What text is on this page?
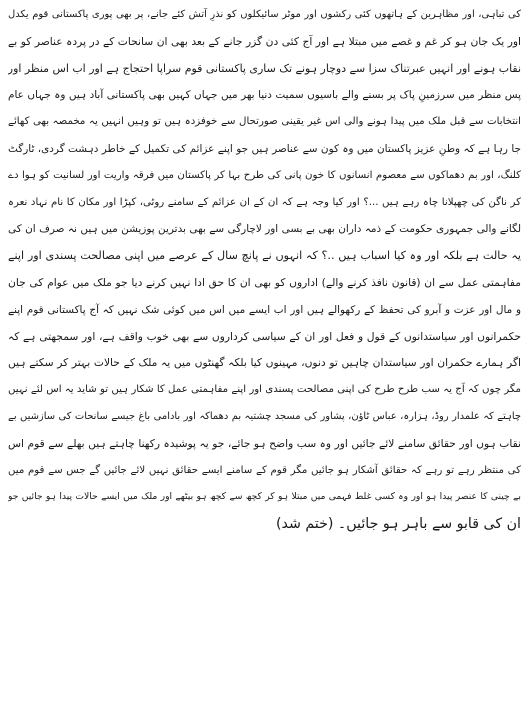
کی تباہی، اور مظاہرین کے ہاتھوں کئی رکشوں اور موٹر سائیکلوں کو نذرِ آتش کئے جانے، پر بھی پوری پاکستانی قوم یکدل
اور یک جان ہو کر غم و غصے میں مبتلا ہے اور آج کئی دن گزر جانے کے بعد بھی ان سانحات کے در پردہ عناصر کو بے
نقاب ہونے اور انہیں عبرتناک سزا سے دوچار ہونے تک ساری پاکستانی قوم سراپا احتجاج ہے اور اب اس منظر اور
پس منظر میں سرزمینِ پاک پر بسنے والے باسیوں سمیت دنیا بھر میں جہاں کہیں بھی پاکستانی آباد ہیں وہ جہاں عام
انتخابات سے قبل ملک میں پیدا ہونے والی اس غیر یقینی صورتحال سے خوفزدہ ہیں تو وہیں انہیں یہ مخمصہ بھی کھائے
جا رہا ہے کہ وطنِ عزیز پاکستان میں وہ کون سے عناصر ہیں جو اپنے عزائم کی تکمیل کے خاطر دہشت گردی، ٹارگٹ
کلنگ، اور بم دھماکوں سے معصوم انسانوں کا خون پانی کی طرح بہا کر پاکستان میں فرقہ واریت اور لسانیت کو ہوا دے
کر ناگن کی چھپلانا چاہ رہے ہیں ...؟ اور کیا وجہ ہے کہ ان کے ان عزائم کے سامنے روٹی، کپڑا اور مکان کا نام نہاد نعرہ
لگانے والی جمہوری حکومت کے ذمہ داران بھی بے بسی اور لاچارگی سے بھی بدترین پوزیشن میں ہیں نہ صرف ان کی
یہ حالت ہے بلکہ اور وہ کیا اسباب ہیں ..؟ کہ انہوں نے پانچ سال کے عرصے میں اپنی مصالحت پسندی اور اپنے
مفاہمتی عمل سے ان (قانون نافذ کرنے والے) اداروں کو بھی ان کا حق ادا نہیں کرنے دیا جو ملک میں عوام کی جان
و مال اور عزت و آبرو کی تحفظ کے رکھوالے ہیں اور اب ایسے میں اس میں کوئی شک نہیں کہ آج پاکستانی قوم اپنے
حکمرانوں اور سیاستدانوں کے قول و فعل اور ان کے سیاسی کرداروں سے بھی خوب واقف ہے، اور سمجھتی ہے کہ
اگر ہمارے حکمران اور سیاستدان چاہیں تو دنوں، مہینوں کیا بلکہ گھنٹوں میں یہ ملک کے حالات بہتر کر سکتے ہیں
مگر چوں کہ آج یہ سب طرح طرح کی اپنی مصالحت پسندی اور اپنے مفاہمتی عمل کا شکار ہیں تو شاید یہ اس لئے نہیں
چاہتے کہ علمدار روڈ، ہزارہ، عباس ٹاؤن، پشاور کی مسجد چشتیہ بم دھماکہ اور بادامی باغ جیسے سانحات کی سازشیں بے
نقاب ہوں اور حقائق سامنے لائے جائیں اور وہ سب واضح ہو جائے، جو یہ پوشیدہ رکھنا چاہتے ہیں بھلے سے قوم اس
کی منتظر رہے تو رہے کہ حقائق آشکار ہو جائیں مگر قوم کے سامنے ایسے حقائق نہیں لائے جائیں گے جس سے قوم میں
بے چینی کا عنصر پیدا ہو اور وہ کسی غلط فہمی میں مبتلا ہو کر کچھ سے کچھ ہو بیٹھے اور ملک میں ایسے حالات پیدا ہو جائیں جو
ان کی قابو سے باہر ہو جائیں۔ (ختم شد)
